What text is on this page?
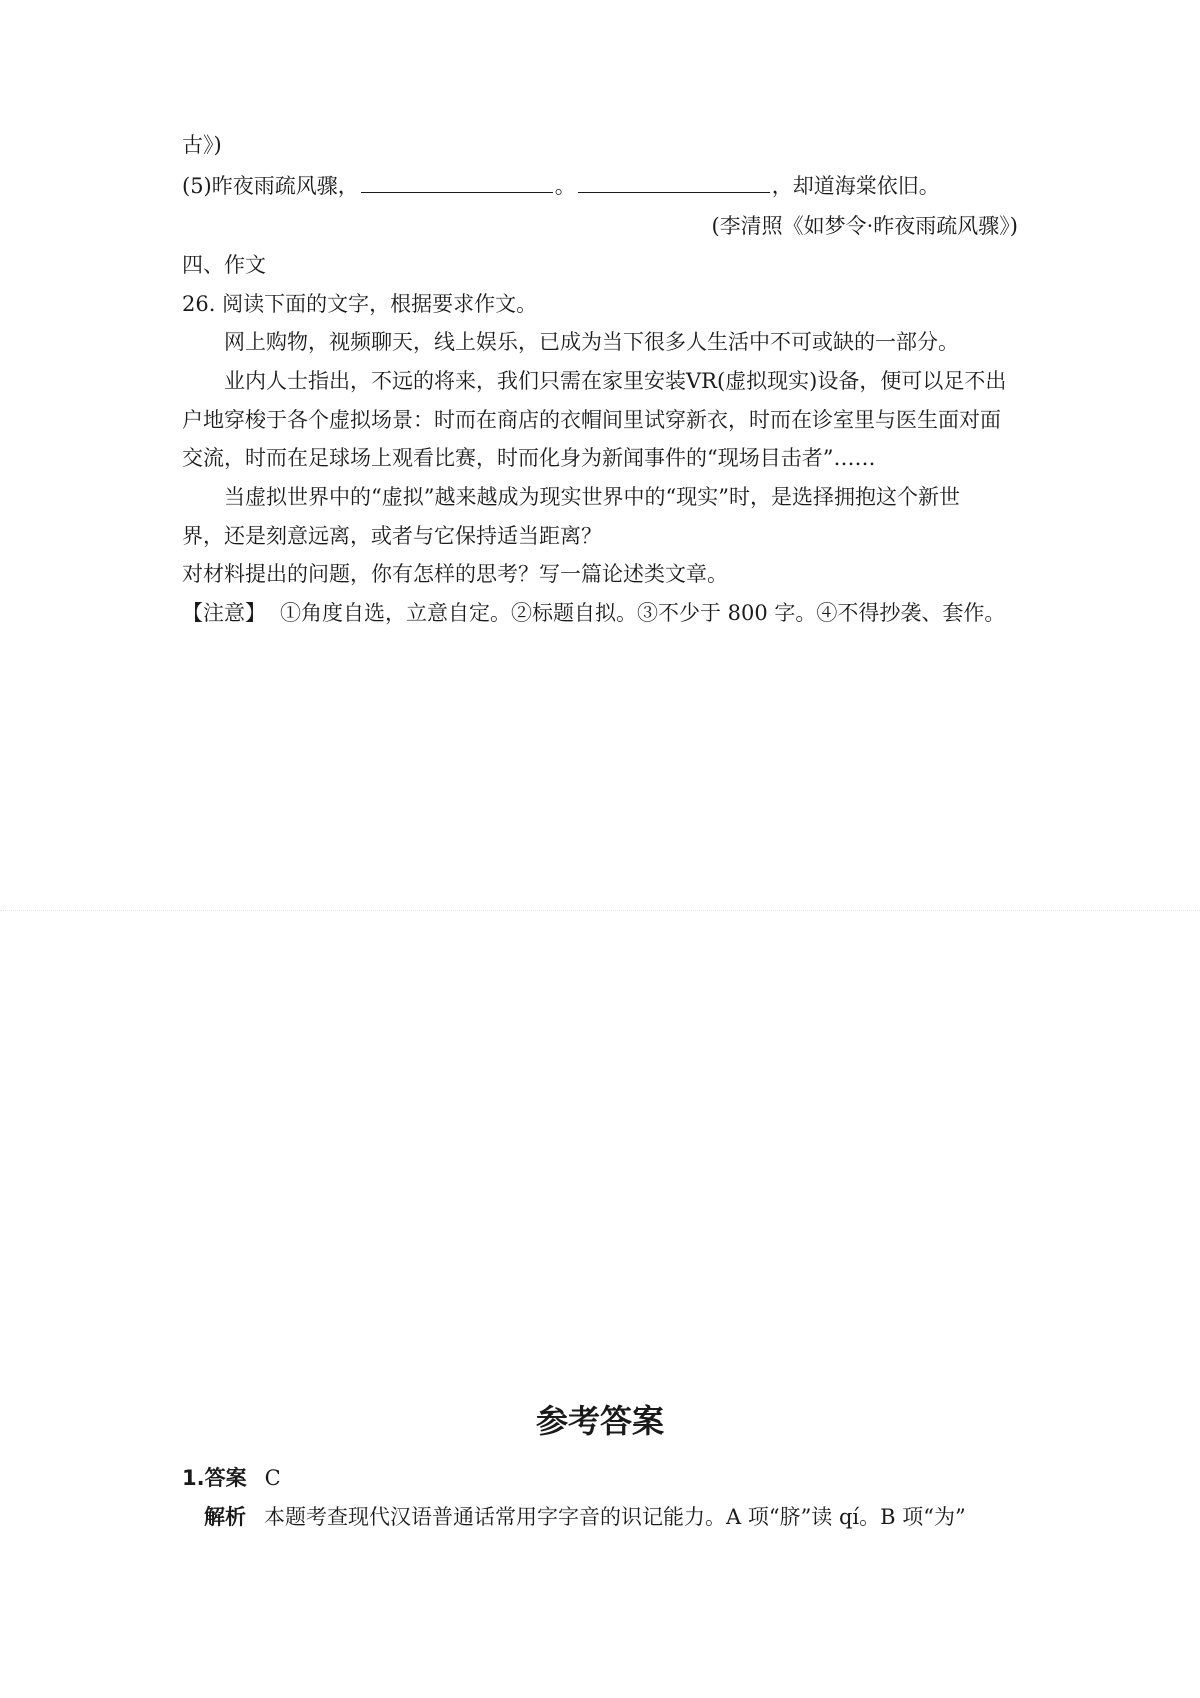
古》)
(5)昨夜雨疏风骤，	。	，却道海棠依旧。
(李清照《如梦令·昨夜雨疏风骤》)
四、作文
26. 阅读下面的文字，根据要求作文。
网上购物，视频聊天，线上娱乐，已成为当下很多人生活中不可或缺的一部分。
业内人士指出，不远的将来，我们只需在家里安装VR(虚拟现实)设备，便可以足不出
户地穿梭于各个虚拟场景：时而在商店的衣帽间里试穿新衣，时而在诊室里与医生面对面
交流，时而在足球场上观看比赛，时而化身为新闻事件的“现场目击者”……
当虚拟世界中的“虚拟”越来越成为现实世界中的“现实”时，是选择拥抱这个新世
界，还是刻意远离，或者与它保持适当距离？
对材料提出的问题，你有怎样的思考？写一篇论述类文章。
【注意】 ①角度自选，立意自定。②标题自拟。③不少于 800 字。④不得抄袭、套作。
参考答案
1.答案 C
解析 本题考查现代汉语普通话常用字字音的识记能力。A 项“脐”读 qí。B 项“为”
